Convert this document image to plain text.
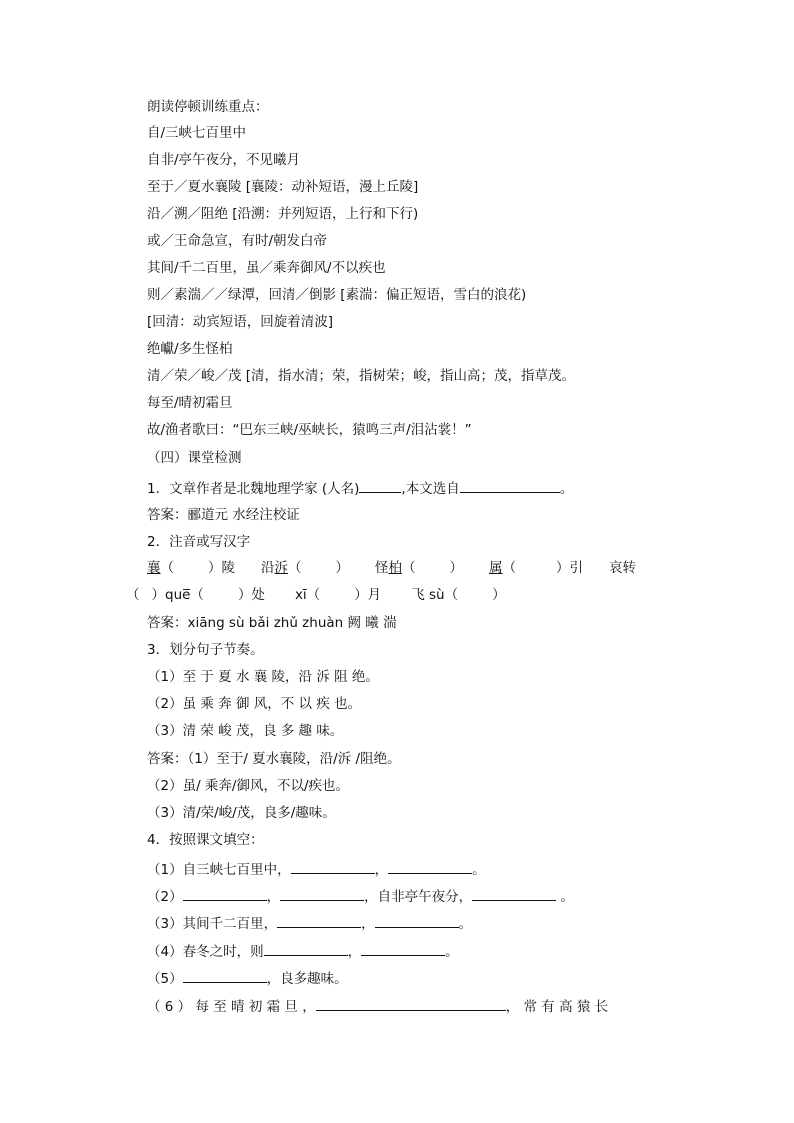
朗读停顿训练重点：
自/三峡七百里中
自非/亭午夜分，不见曦月
至于／夏水襄陵 [襄陵：动补短语，漫上丘陵]
沿／溯／阻绝 [沿溯：并列短语，上行和下行)
或／王命急宣，有时/朝发白帝
其间/千二百里，虽／乘奔御风/不以疾也
则／素湍／／绿潭，回清／倒影 [素湍：偏正短语，雪白的浪花)
[回清：动宾短语，回旋着清波]
绝巘/多生怪柏
清／荣／峻／茂 [清，指水清；荣，指树荣；峻，指山高；茂，指草茂。
每至/晴初霜旦
故/渔者歌曰：“巴东三峡/巫峡长，猿鸣三声/泪沾裳！”
（四）课堂检测
1．文章作者是北魏地理学家 (人名)	,本文选自	。
答案：郦道元 水经注校证
2．注音或写汉字
襄（	）陵 沿泝（	） 怪柏（	） 属（	）引 哀转
（ ）que̅（	）处 xī（	）月 飞 sù（	）
答案：xiāng sù bǎi zhǔ zhuàn 阙 曦 湍
3．划分句子节奏。
（1）至 于 夏 水 襄 陵，沿 泝 阻 绝。
（2）虽 乘 奔 御 风，不 以 疾 也。
（3）清 荣 峻 茂，良 多 趣 味。
答案：（1）至于/ 夏水襄陵，沿/泝 /阻绝。
（2）虽/ 乘奔/御风，不以/疾也。
（3）清/荣/峻/茂，良多/趣味。
4．按照课文填空：
（1）自三峡七百里中，	，	。
（2）	，	，自非亭午夜分，	。
（3）其间千二百里，	，	。
（4）春冬之时，则	，	。
（5）	，良多趣味。
（ 6 ） 每 至 晴 初 霜 旦 ，	， 常 有 高 猿 长
